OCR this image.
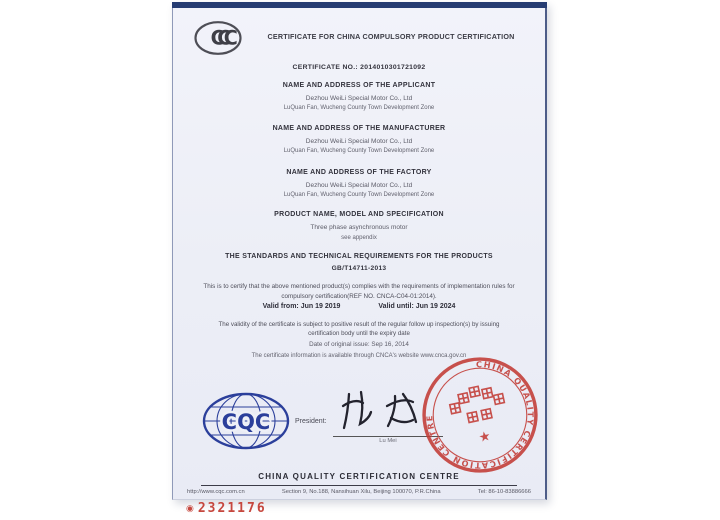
CCC	CERTIFICATE FOR CHINA COMPULSORY PRODUCT CERTIFICATION
CERTIFICATE NO.: 2014010301721092
NAME AND ADDRESS OF THE APPLICANT
Dezhou WeiLi Special Motor Co., Ltd
LuQuan Fan, Wucheng County Town Development Zone
NAME AND ADDRESS OF THE MANUFACTURER
Dezhou WeiLi Special Motor Co., Ltd
LuQuan Fan, Wucheng County Town Development Zone
NAME AND ADDRESS OF THE FACTORY
Dezhou WeiLi Special Motor Co., Ltd
LuQuan Fan, Wucheng County Town Development Zone
PRODUCT NAME, MODEL AND SPECIFICATION
Three phase asynchronous motor
see appendix
THE STANDARDS AND TECHNICAL REQUIREMENTS FOR THE PRODUCTS
GB/T14711-2013
This is to certify that the above mentioned product(s) complies with the requirements of implementation rules for compulsory certification(REF NO. CNCA-C04-01:2014).
Valid from: Jun 19 2019	Valid until: Jun 19 2024
The validity of the certificate is subject to positive result of the regular follow up inspection(s) by issuing certification body until the expiry date
Date of original issue: Sep 16, 2014
The certificate information is available through CNCA's website www.cnca.gov.cn
CQC	President:
Lu Mei
CHINA QUALITY CERTIFICATION CENTRE
★
CHINA QUALITY CERTIFICATION CENTRE
http://www.cqc.com.cn	Section 9, No.188, Nansihuan Xilu, Beijing 100070, P.R.China	Tel: 86-10-83886666
◉ 2321176
